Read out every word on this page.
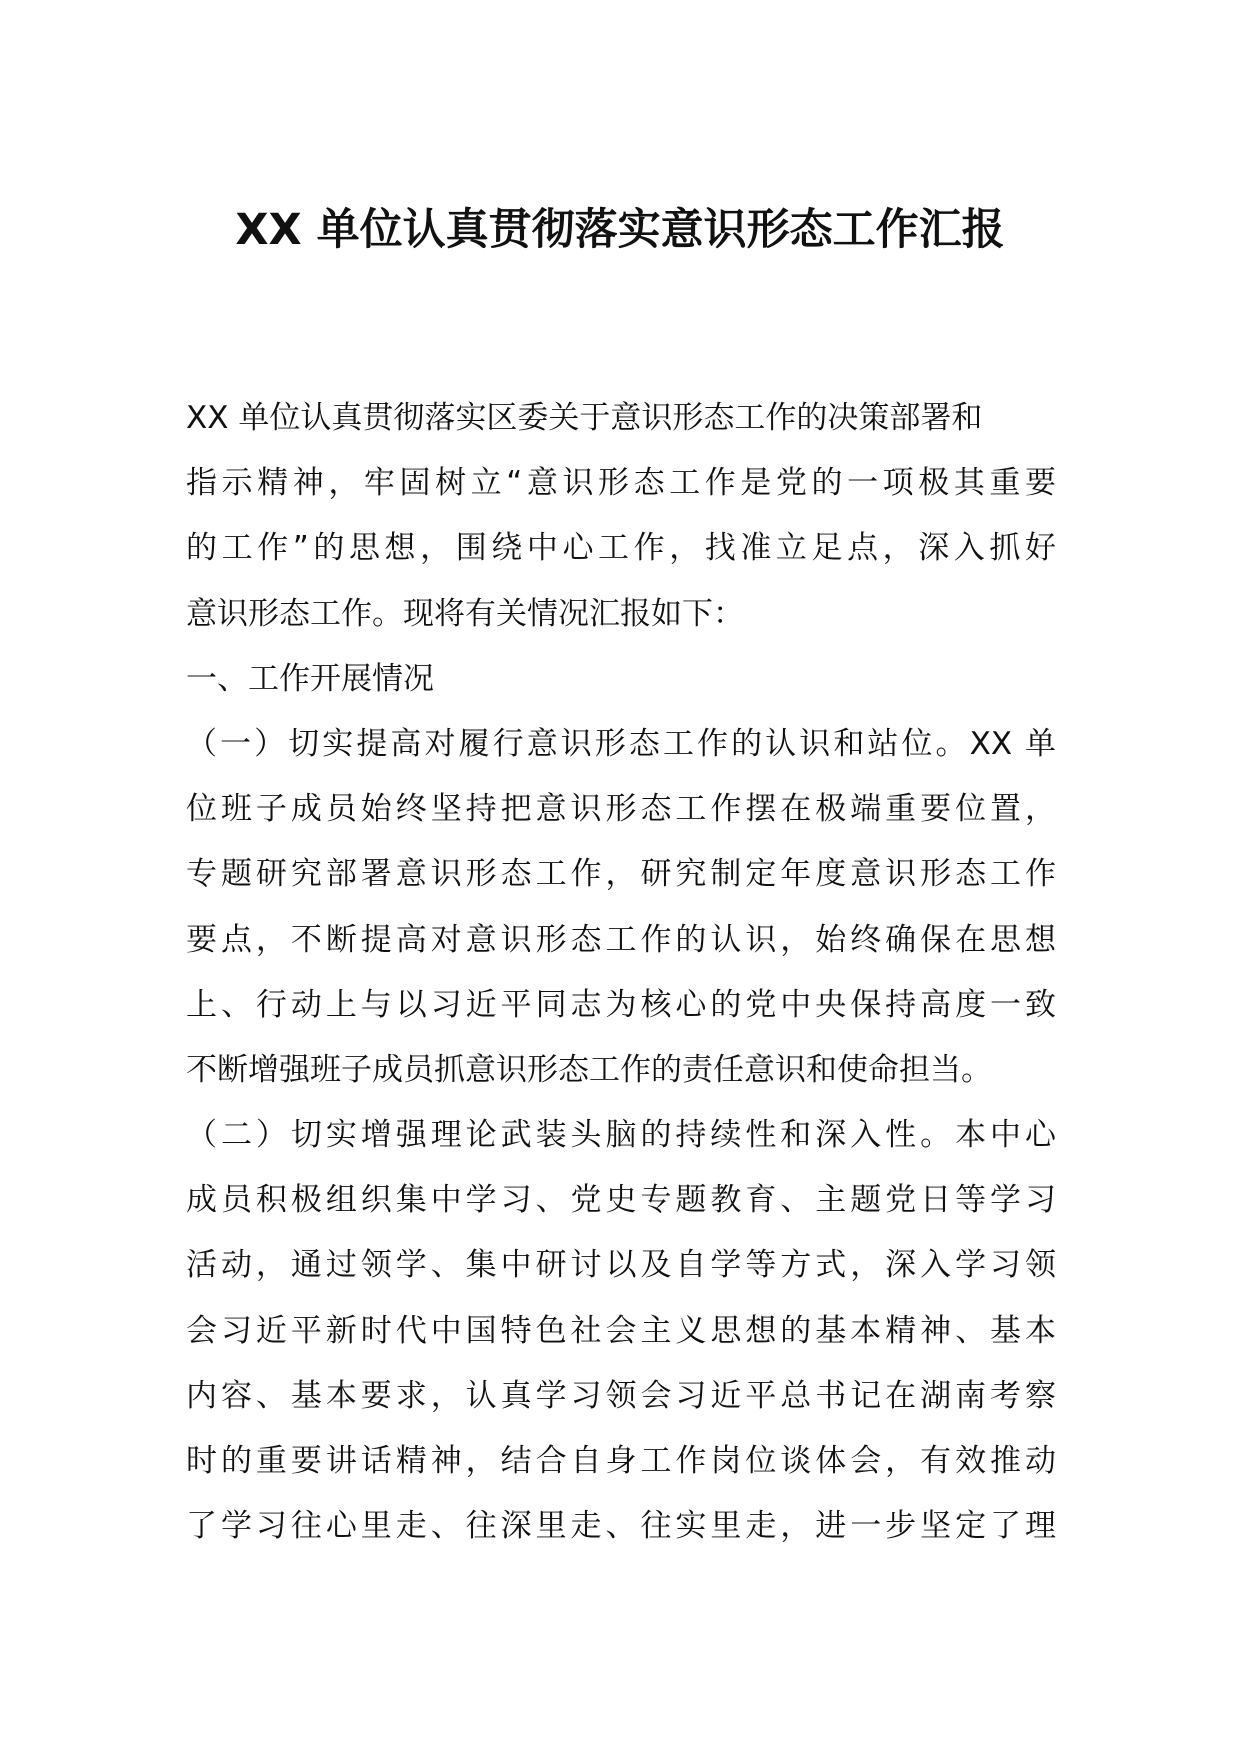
XX 单位认真贯彻落实意识形态工作汇报
XX 单位认真贯彻落实区委关于意识形态工作的决策部署和
指示精神，牢固树立“意识形态工作是党的一项极其重要
的工作”的思想，围绕中心工作，找准立足点，深入抓好
意识形态工作。现将有关情况汇报如下：
一、工作开展情况
（一）切实提高对履行意识形态工作的认识和站位。XX 单
位班子成员始终坚持把意识形态工作摆在极端重要位置，
专题研究部署意识形态工作，研究制定年度意识形态工作
要点，不断提高对意识形态工作的认识，始终确保在思想
上、行动上与以习近平同志为核心的党中央保持高度一致
不断增强班子成员抓意识形态工作的责任意识和使命担当。
（二）切实增强理论武装头脑的持续性和深入性。本中心
成员积极组织集中学习、党史专题教育、主题党日等学习
活动，通过领学、集中研讨以及自学等方式，深入学习领
会习近平新时代中国特色社会主义思想的基本精神、基本
内容、基本要求，认真学习领会习近平总书记在湖南考察
时的重要讲话精神，结合自身工作岗位谈体会，有效推动
了学习往心里走、往深里走、往实里走，进一步坚定了理
